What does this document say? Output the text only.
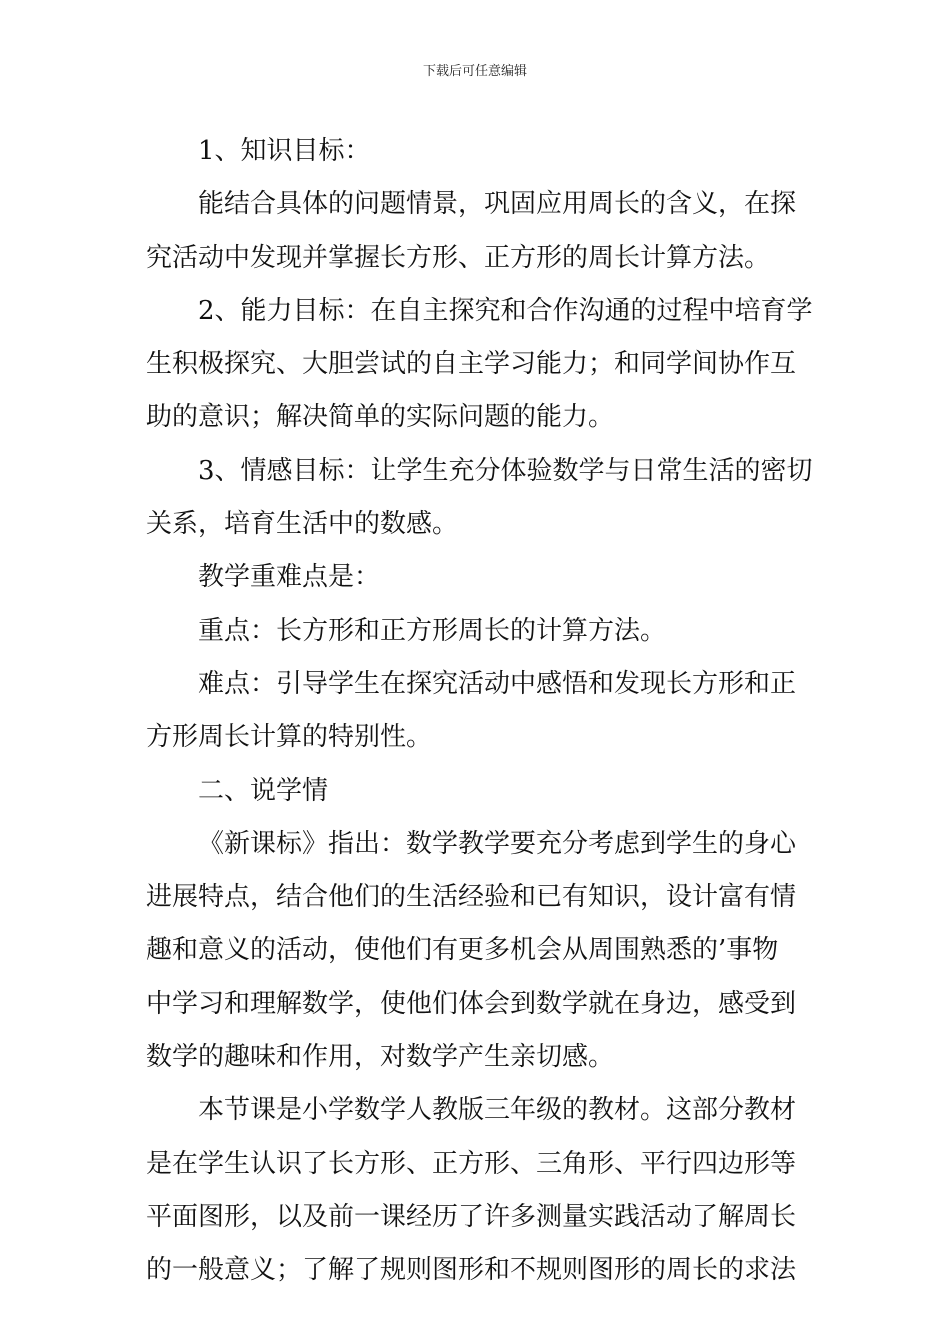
下载后可任意编辑

1、知识目标：

能结合具体的问题情景，巩固应用周长的含义，在探
究活动中发现并掌握长方形、正方形的周长计算方法。

2、能力目标：在自主探究和合作沟通的过程中培育学
生积极探究、大胆尝试的自主学习能力；和同学间协作互
助的意识；解决简单的实际问题的能力。

3、情感目标：让学生充分体验数学与日常生活的密切
关系，培育生活中的数感。

教学重难点是：

重点：长方形和正方形周长的计算方法。

难点：引导学生在探究活动中感悟和发现长方形和正
方形周长计算的特别性。

二、说学情

《新课标》指出：数学教学要充分考虑到学生的身心
进展特点，结合他们的生活经验和已有知识，设计富有情
趣和意义的活动，使他们有更多机会从周围熟悉的’事物
中学习和理解数学，使他们体会到数学就在身边，感受到
数学的趣味和作用，对数学产生亲切感。

本节课是小学数学人教版三年级的教材。这部分教材
是在学生认识了长方形、正方形、三角形、平行四边形等
平面图形，以及前一课经历了许多测量实践活动了解周长
的一般意义；了解了规则图形和不规则图形的周长的求法
